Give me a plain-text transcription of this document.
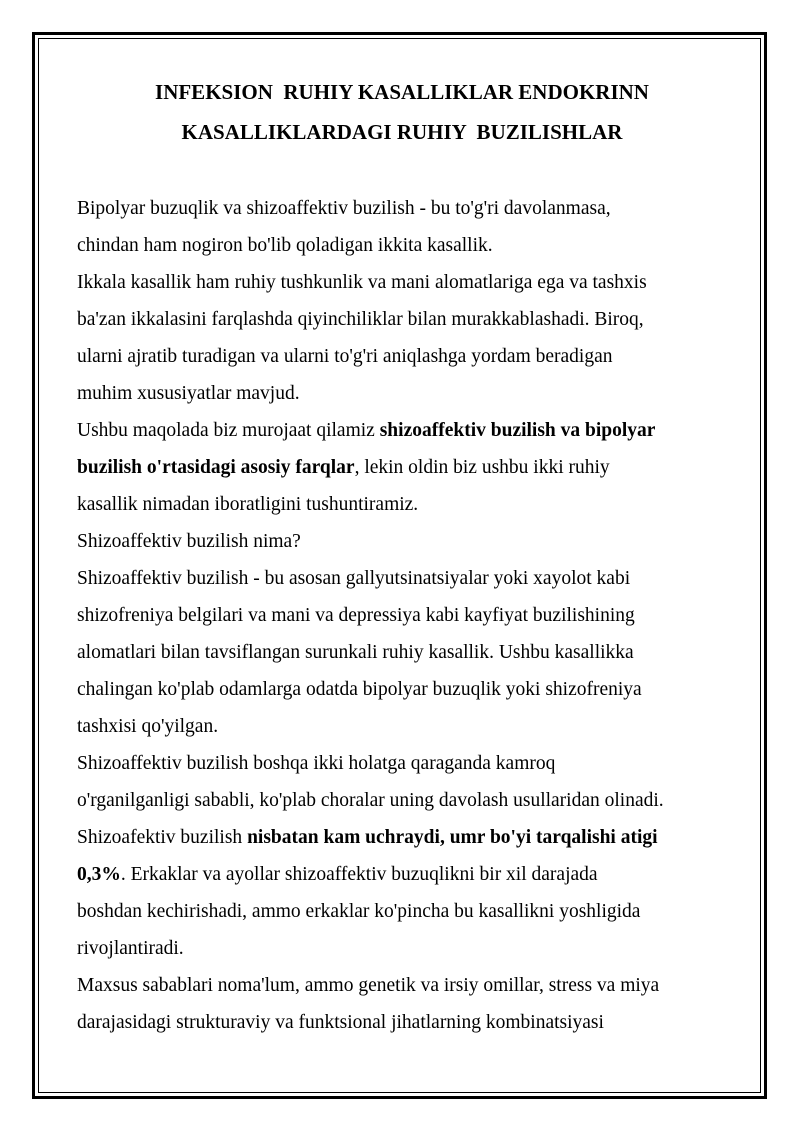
INFEKSION  RUHIY KASALLIKLAR ENDOKRINN
KASALLIKLARDAGI RUHIY  BUZILISHLAR
Bipolyar buzuqlik va shizoaffektiv buzilish - bu to'g'ri davolanmasa,
chindan ham nogiron bo'lib qoladigan ikkita kasallik.
Ikkala kasallik ham ruhiy tushkunlik va mani alomatlariga ega va tashxis
ba'zan ikkalasini farqlashda qiyinchiliklar bilan murakkablashadi. Biroq,
ularni ajratib turadigan va ularni to'g'ri aniqlashga yordam beradigan
muhim xususiyatlar mavjud.
Ushbu maqolada biz murojaat qilamiz shizoaffektiv buzilish va bipolyar
buzilish o'rtasidagi asosiy farqlar, lekin oldin biz ushbu ikki ruhiy
kasallik nimadan iboratligini tushuntiramiz.
Shizoaffektiv buzilish nima?
Shizoaffektiv buzilish - bu asosan gallyutsinatsiyalar yoki xayolot kabi
shizofreniya belgilari va mani va depressiya kabi kayfiyat buzilishining
alomatlari bilan tavsiflangan surunkali ruhiy kasallik. Ushbu kasallikka
chalingan ko'plab odamlarga odatda bipolyar buzuqlik yoki shizofreniya
tashxisi qo'yilgan.
Shizoaffektiv buzilish boshqa ikki holatga qaraganda kamroq
o'rganilganligi sababli, ko'plab choralar uning davolash usullaridan olinadi.
Shizoafektiv buzilish nisbatan kam uchraydi, umr bo'yi tarqalishi atigi
0,3%. Erkaklar va ayollar shizoaffektiv buzuqlikni bir xil darajada
boshdan kechirishadi, ammo erkaklar ko'pincha bu kasallikni yoshligida
rivojlantiradi.
Maxsus sabablari noma'lum, ammo genetik va irsiy omillar, stress va miya
darajasidagi strukturaviy va funktsional jihatlarning kombinatsiyasi
